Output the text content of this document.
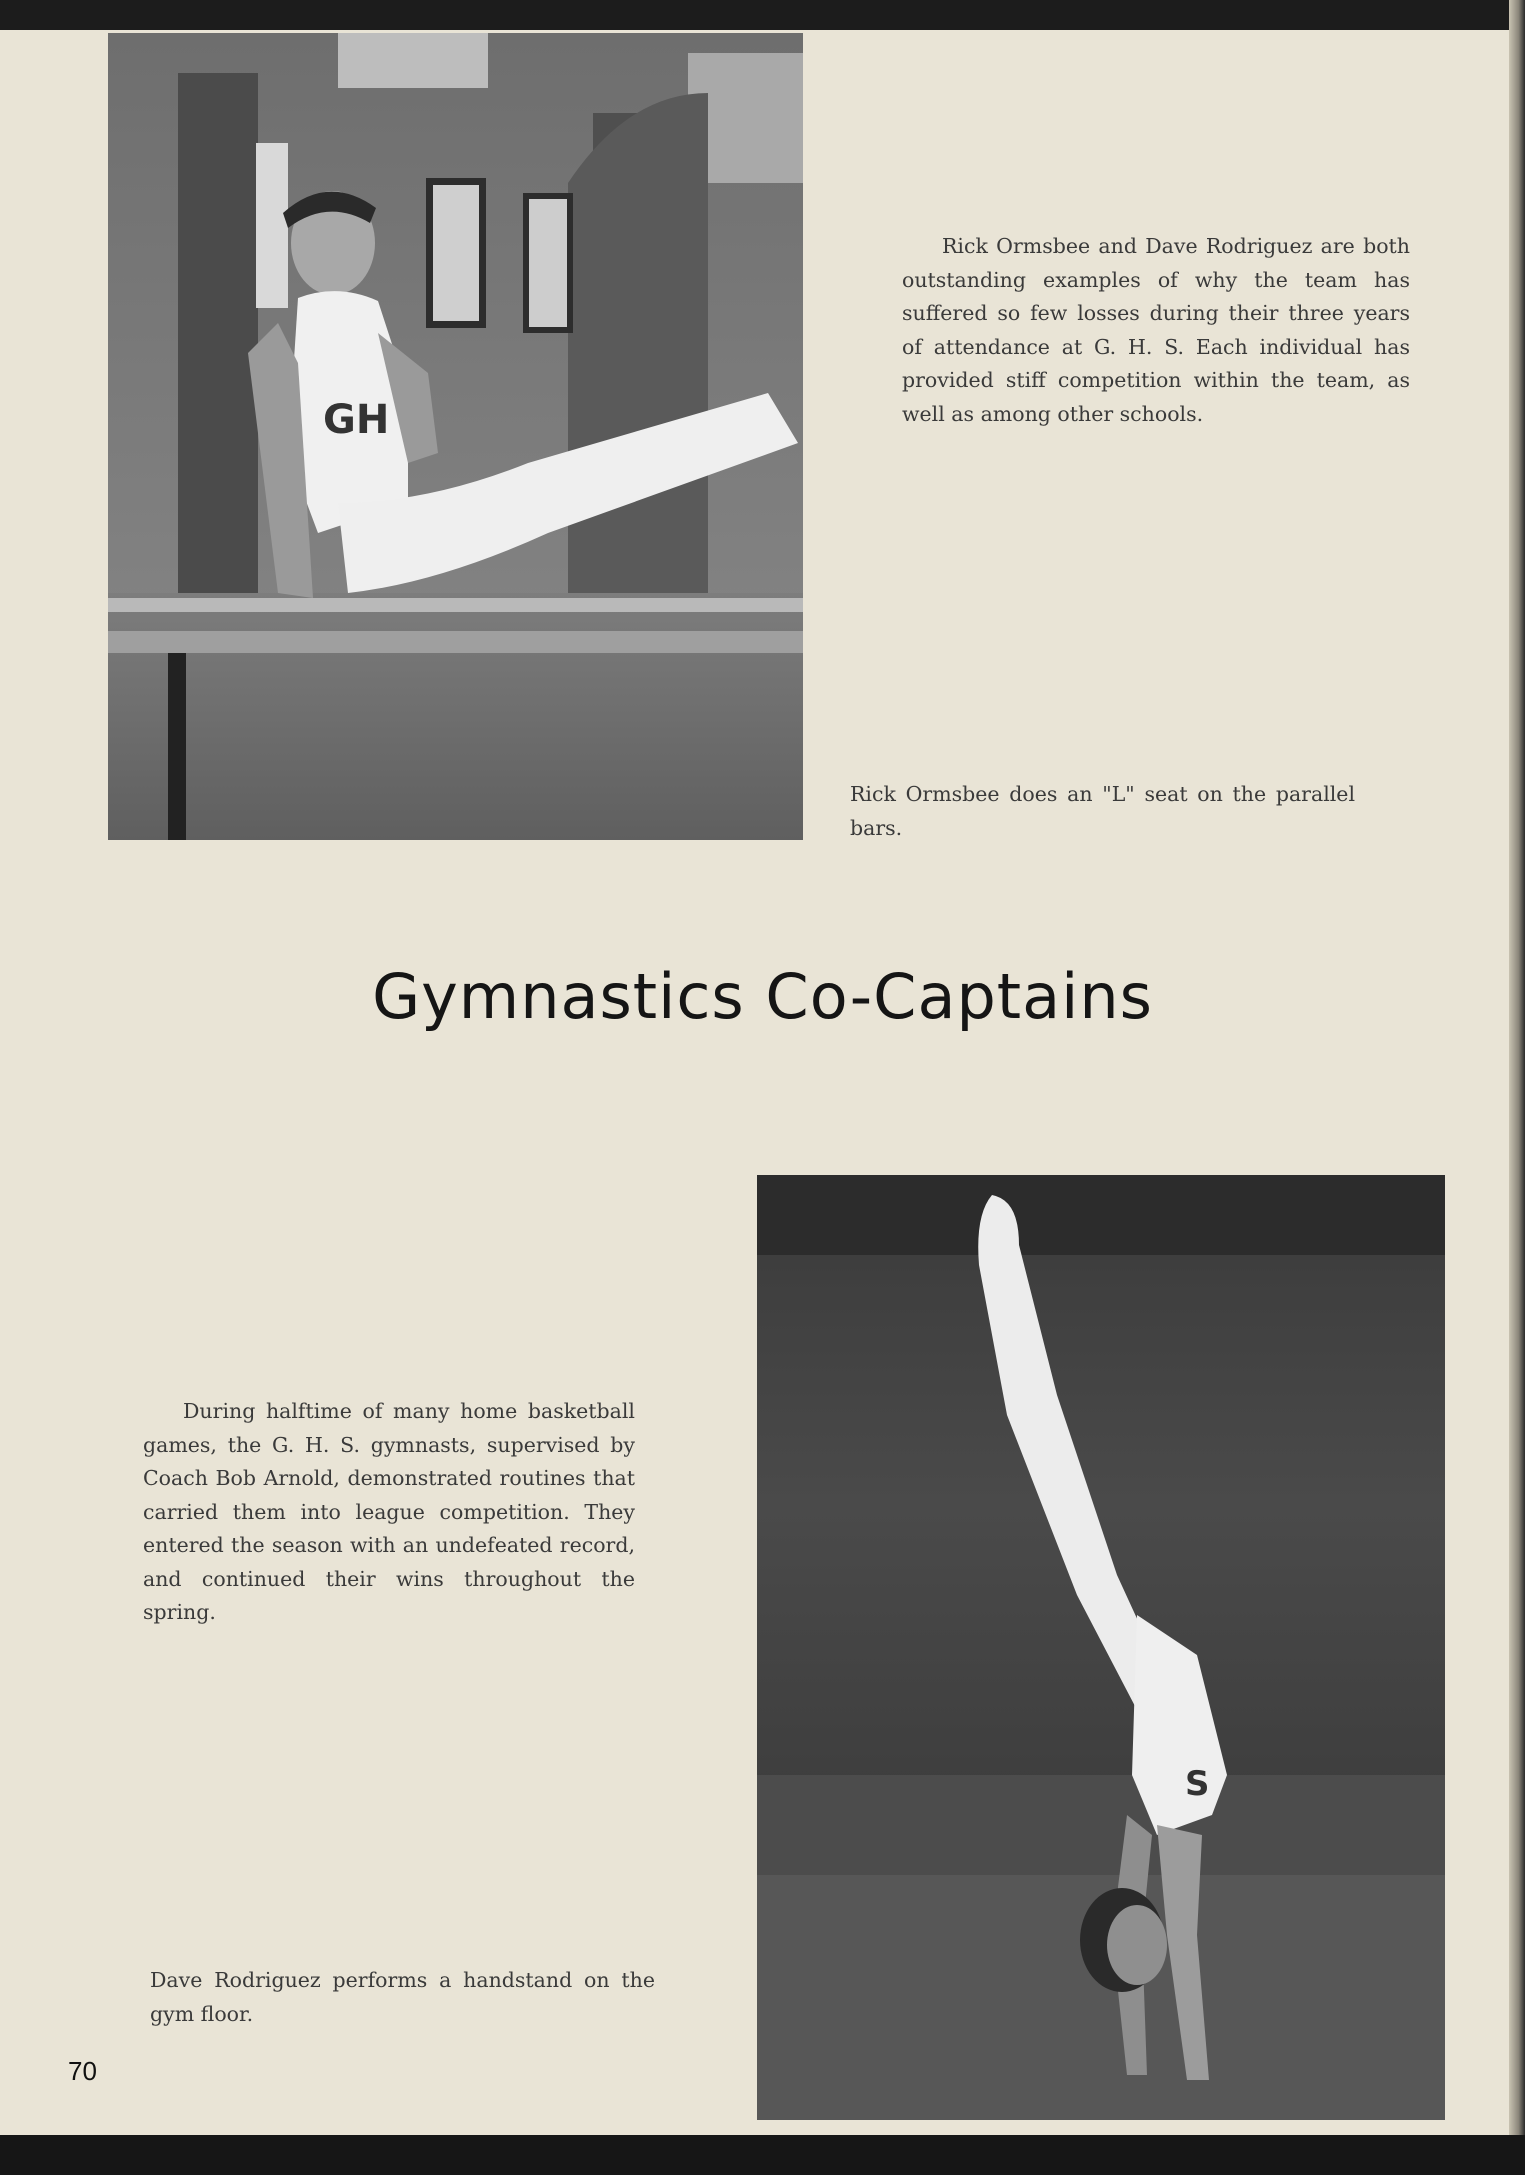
GH

Rick Ormsbee and Dave Rodriguez are both outstanding examples of why the team has suffered so few losses during their three years of attendance at G. H. S. Each individual has provided stiff competition within the team, as well as among other schools.

Rick Ormsbee does an "L" seat on the parallel bars.

Gymnastics Co-Captains

During halftime of many home basketball games, the G. H. S. gymnasts, supervised by Coach Bob Arnold, demonstrated routines that carried them into league competition. They entered the season with an undefeated record, and continued their wins throughout the spring.

Dave Rodriguez performs a handstand on the gym floor.

S
70
